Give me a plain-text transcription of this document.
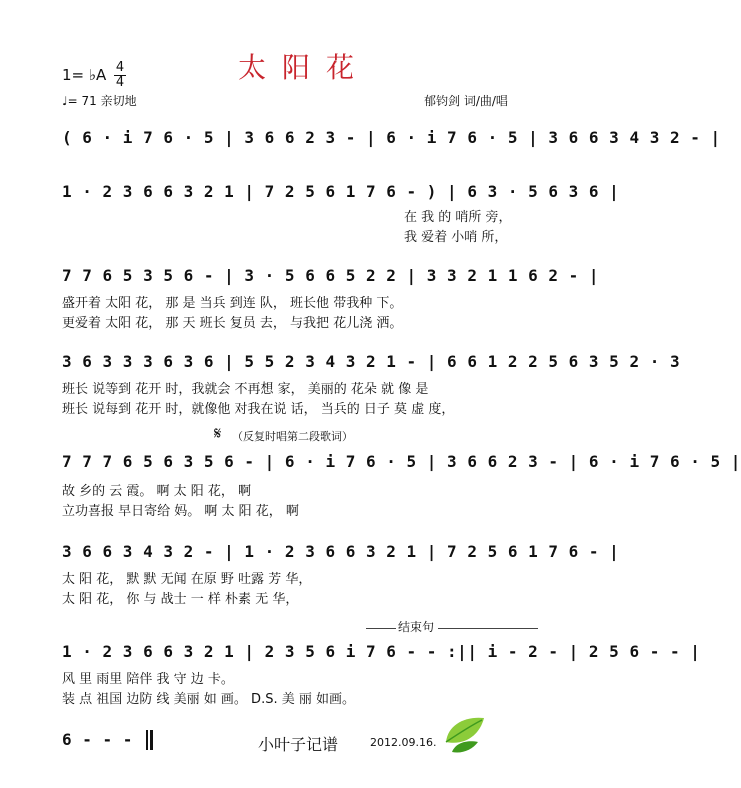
太阳花
1= ♭A 4
4
♩= 71 亲切地	郁钧剑 词/曲/唱
( 6 · i 7 6 · 5 | 3 6 6 2 3 - | 6 · i 7 6 · 5 | 3 6 6 3 4 3 2 - |
1 · 2 3 6 6 3 2 1 | 7 2 5 6 1 7 6 - ) | 6 3 · 5 6 3 6 |
在 我 的 哨所 旁，
我 爱着 小哨 所，
7 7 6 5 3 5 6 - | 3 · 5 6 6 5 2 2 | 3 3 2 1 1 6 2 - |
盛开着 太阳 花， 那 是 当兵 到连 队， 班长他 带我种 下。
更爱着 太阳 花， 那 天 班长 复员 去， 与我把 花儿浇 洒。
3 6 3 3 3 6 3 6 | 5 5 2 3 4 3 2 1 - | 6 6 1 2 2 5 6 3 5 2 · 3
班长 说等到 花开 时，我就会 不再想 家， 美丽的 花朵 就 像 是
班长 说每到 花开 时，就像他 对我在说 话， 当兵的 日子 莫 虚 度，
𝄋 （反复时唱第二段歌词）
7 7 7 6 5 6 3 5 6 - | 6 · i 7 6 · 5 | 3 6 6 2 3 - | 6 · i 7 6 · 5 |
故 乡的 云 霞。 啊 太 阳 花， 啊
立功喜报 早日寄给 妈。 啊 太 阳 花， 啊
3 6 6 3 4 3 2 - | 1 · 2 3 6 6 3 2 1 | 7 2 5 6 1 7 6 - |
太 阳 花， 默 默 无闻 在原 野 吐露 芳 华，
太 阳 花， 你 与 战士 一 样 朴素 无 华，
结束句
1 · 2 3 6 6 3 2 1 | 2 3 5 6 i 7 6 - - :|| i - 2 - | 2 5 6 - - |
风 里 雨里 陪伴 我 守 边 卡。
装 点 祖国 边防 线 美丽 如 画。 D.S. 美 丽 如画。
6 - - -	小叶子记谱	2012.09.16.
